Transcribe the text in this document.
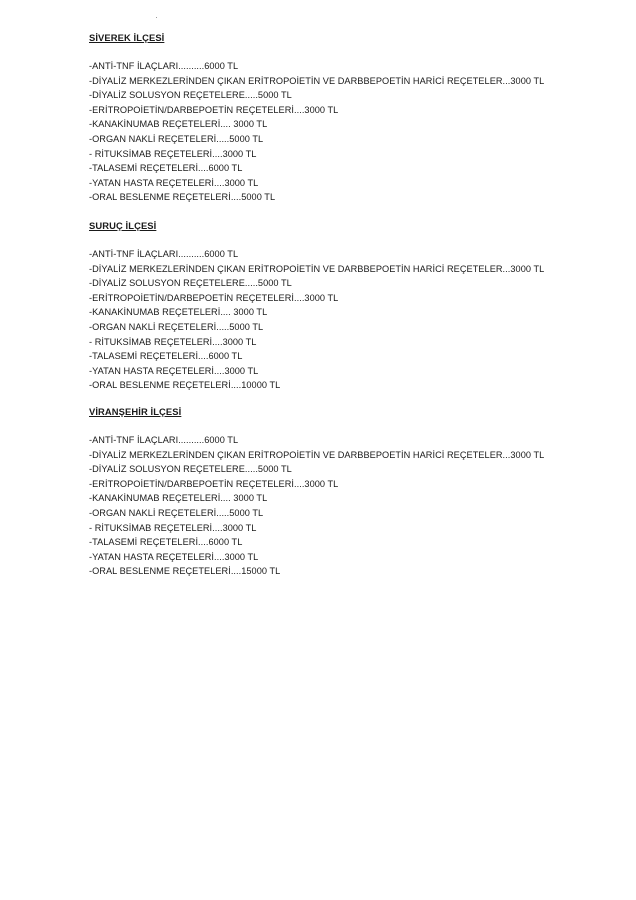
SİVEREK İLÇESİ
-ANTİ-TNF İLAÇLARI..........6000 TL
-DİYALİZ MERKEZLERİNDEN ÇIKAN ERİTROPOİETİN VE DARBBEPOETİN HARİCİ REÇETELER...3000 TL
-DİYALİZ SOLUSYON REÇETELERE.....5000 TL
-ERİTROPOİETİN/DARBEPOETİN REÇETELERİ....3000 TL
-KANAKİNUMAB REÇETELERİ.... 3000 TL
-ORGAN NAKLİ REÇETELERİ.....5000 TL
- RİTUKSİMAB REÇETELERİ....3000 TL
-TALASEMİ REÇETELERİ....6000 TL
-YATAN HASTA REÇETELERİ....3000 TL
-ORAL BESLENME REÇETELERİ....5000 TL
SURUÇ İLÇESİ
-ANTİ-TNF İLAÇLARI..........6000 TL
-DİYALİZ MERKEZLERİNDEN ÇIKAN ERİTROPOİETİN VE DARBBEPOETİN HARİCİ REÇETELER...3000 TL
-DİYALİZ SOLUSYON REÇETELERE.....5000 TL
-ERİTROPOİETİN/DARBEPOETİN REÇETELERİ....3000 TL
-KANAKİNUMAB REÇETELERİ.... 3000 TL
-ORGAN NAKLİ REÇETELERİ.....5000 TL
- RİTUKSİMAB REÇETELERİ....3000 TL
-TALASEMİ REÇETELERİ....6000 TL
-YATAN HASTA REÇETELERİ....3000 TL
-ORAL BESLENME REÇETELERİ....10000 TL
VİRANŞEHİR İLÇESİ
-ANTİ-TNF İLAÇLARI..........6000 TL
-DİYALİZ MERKEZLERİNDEN ÇIKAN ERİTROPOİETİN VE DARBBEPOETİN HARİCİ REÇETELER...3000 TL
-DİYALİZ SOLUSYON REÇETELERE.....5000 TL
-ERİTROPOİETİN/DARBEPOETİN REÇETELERİ....3000 TL
-KANAKİNUMAB REÇETELERİ.... 3000 TL
-ORGAN NAKLİ REÇETELERİ.....5000 TL
- RİTUKSİMAB REÇETELERİ....3000 TL
-TALASEMİ REÇETELERİ....6000 TL
-YATAN HASTA REÇETELERİ....3000 TL
-ORAL BESLENME REÇETELERİ....15000 TL
